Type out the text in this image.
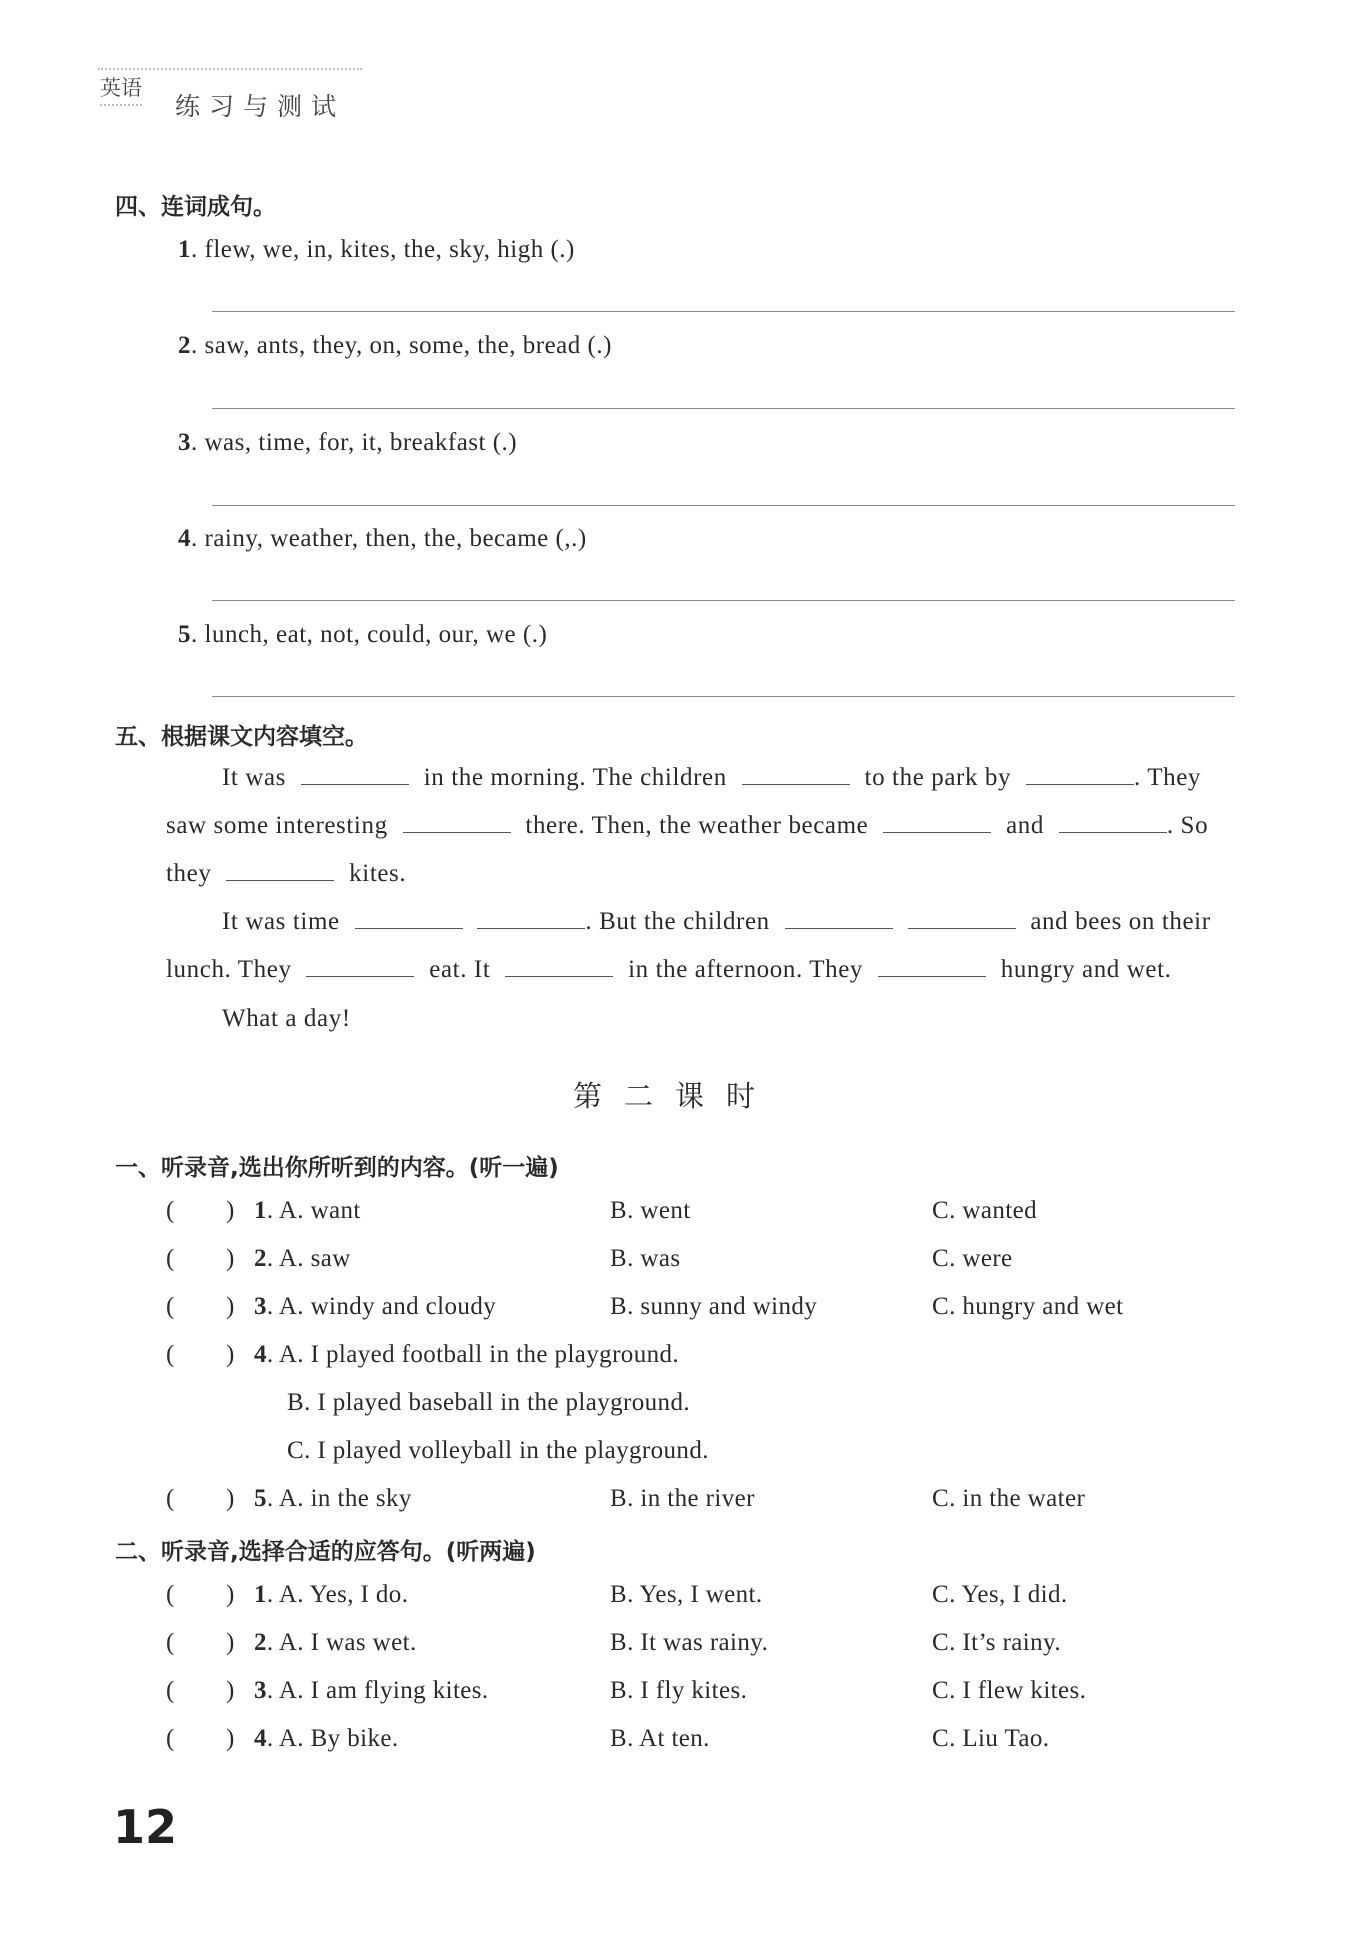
英语
练习与测试
四、连词成句。
1. flew, we, in, kites, the, sky, high (.)
2. saw, ants, they, on, some, the, bread (.)
3. was, time, for, it, breakfast (.)
4. rainy, weather, then, the, became (,.)
5. lunch, eat, not, could, our, we (.)
五、根据课文内容填空。
It was	in the morning. The children	to the park by	. They
saw some interesting	there. Then, the weather became	and	. So
they	kites.
It was time	. But the children	and bees on their
lunch. They	eat. It	in the afternoon. They	hungry and wet.
What a day!
第二课时
一、听录音,选出你所听到的内容。(听一遍)
( ) 1. A. want	B. went	C. wanted
( ) 2. A. saw	B. was	C. were
( ) 3. A. windy and cloudy	B. sunny and windy	C. hungry and wet
( ) 4. A. I played football in the playground.
B. I played baseball in the playground.
C. I played volleyball in the playground.
( ) 5. A. in the sky	B. in the river	C. in the water
二、听录音,选择合适的应答句。(听两遍)
( ) 1. A. Yes, I do.	B. Yes, I went.	C. Yes, I did.
( ) 2. A. I was wet.	B. It was rainy.	C. It’s rainy.
( ) 3. A. I am flying kites.	B. I fly kites.	C. I flew kites.
( ) 4. A. By bike.	B. At ten.	C. Liu Tao.
12
